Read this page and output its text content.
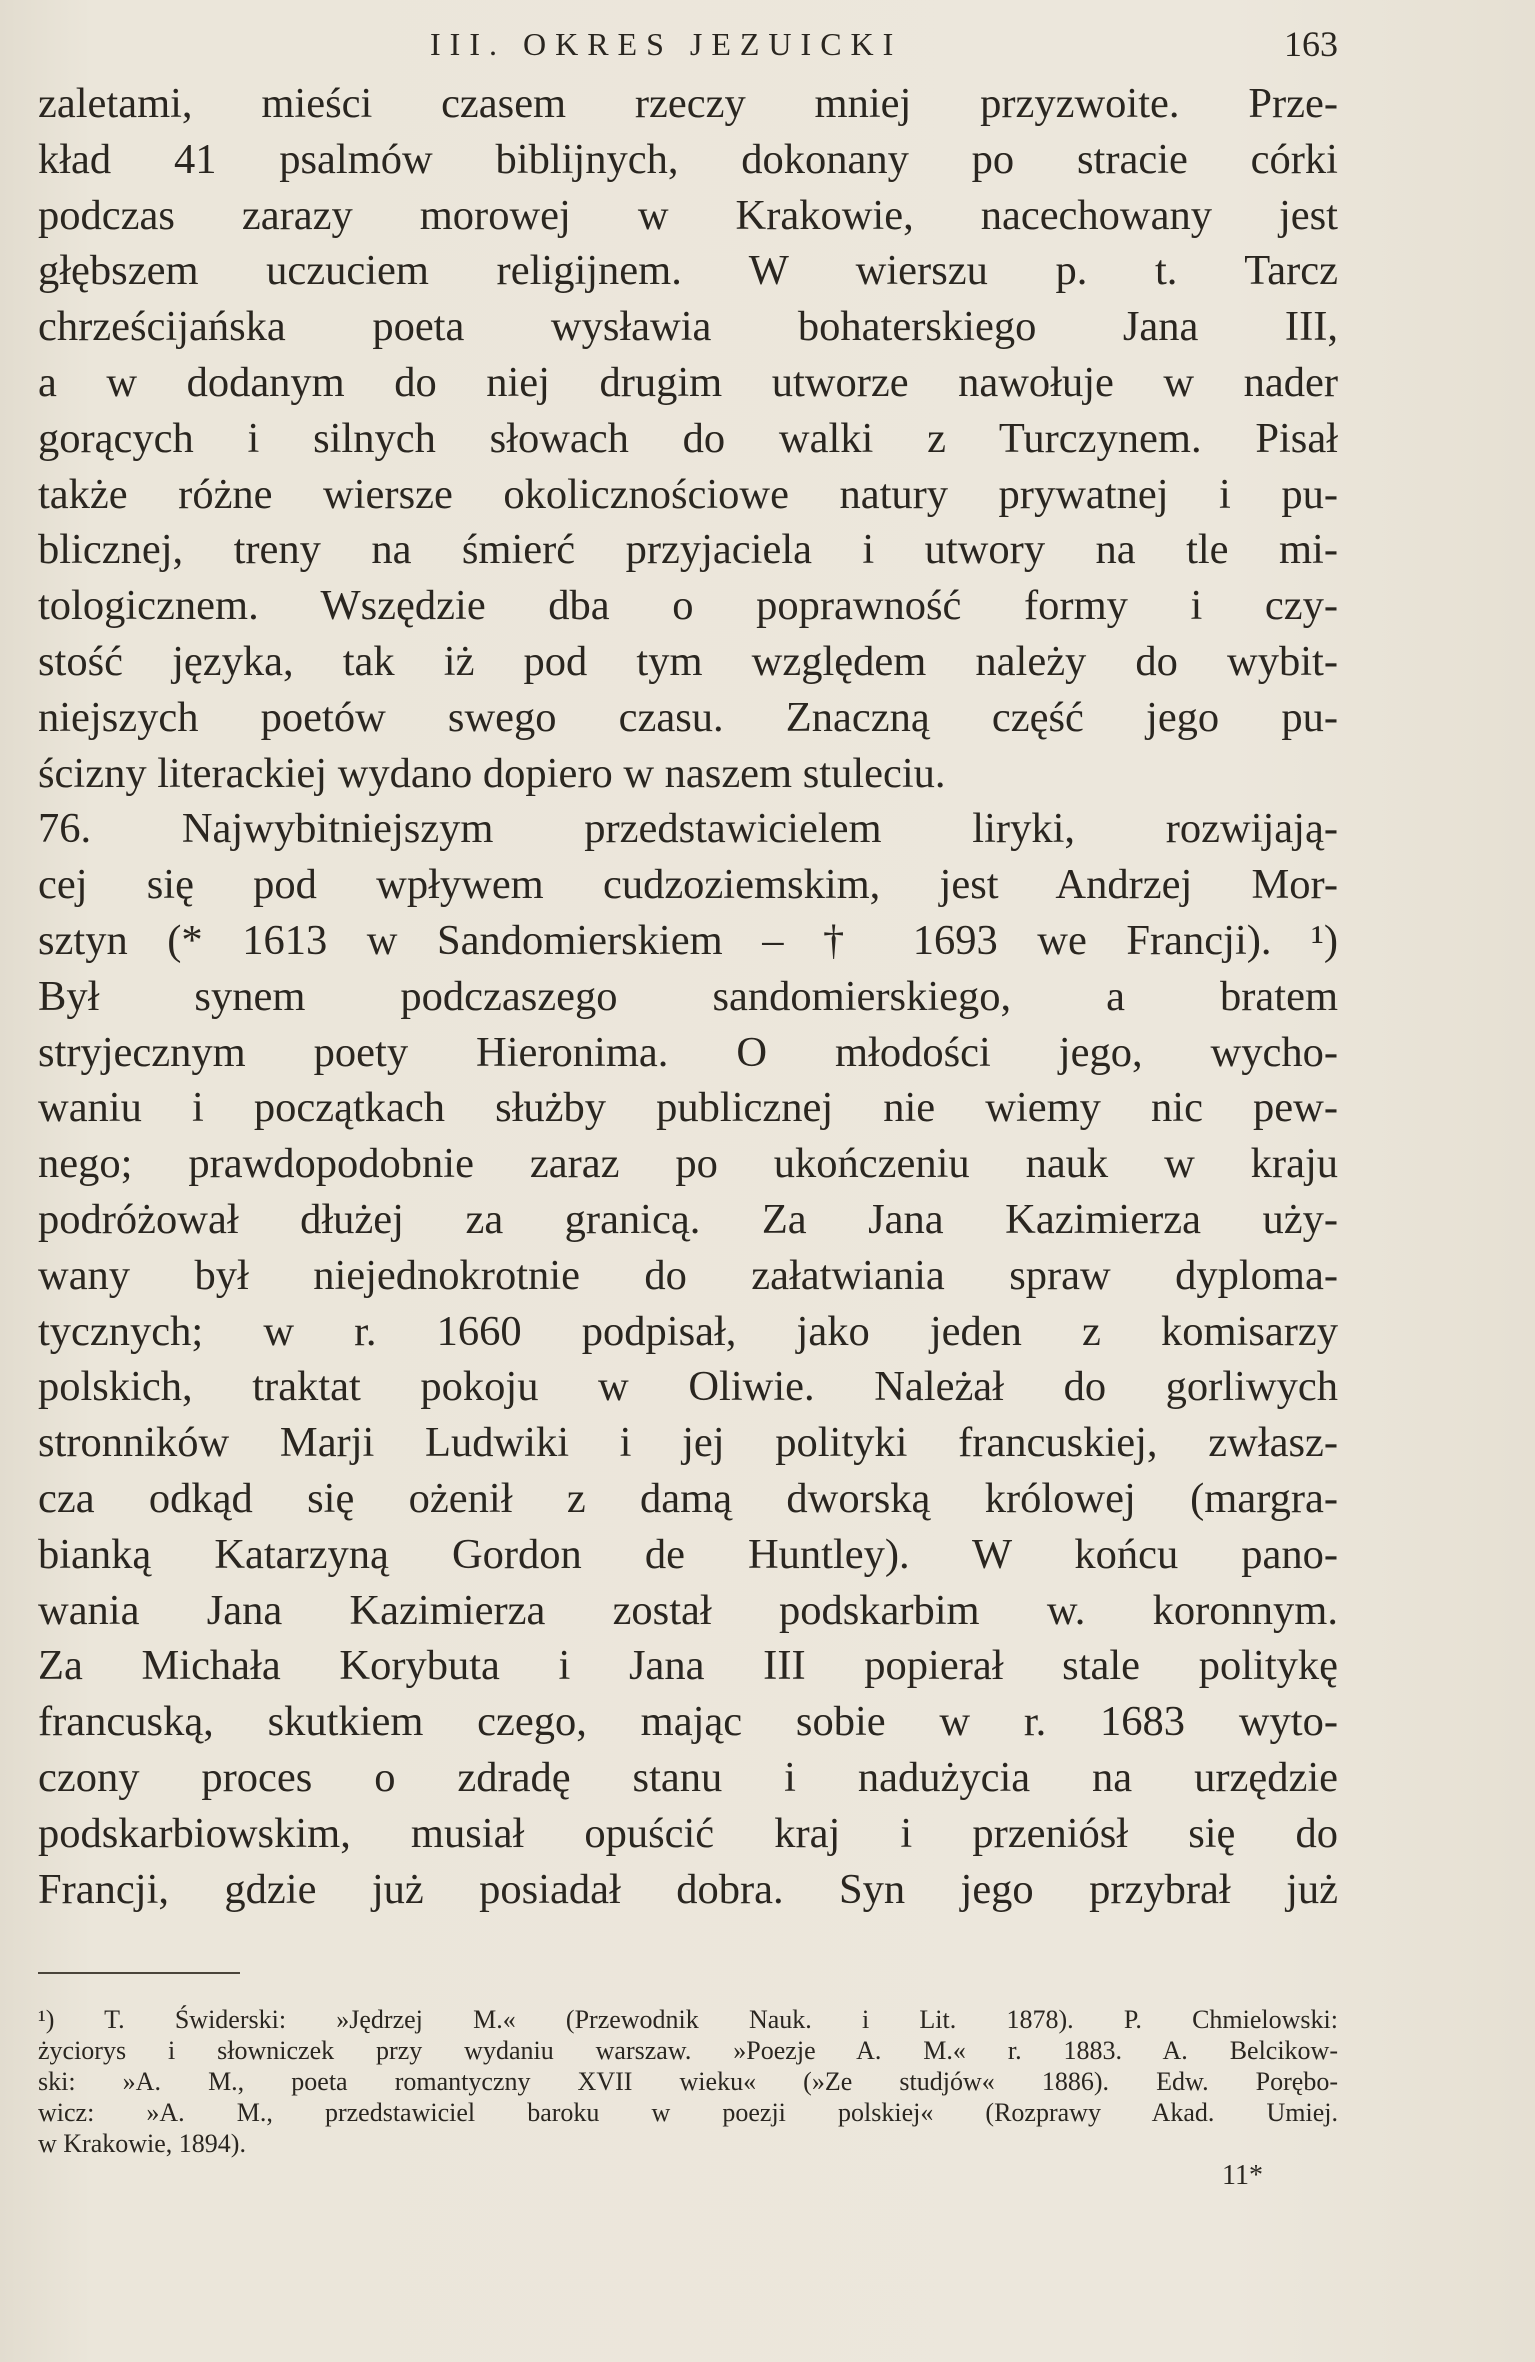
III. OKRES JEZUICKI	163
zaletami, mieści czasem rzeczy mniej przyzwoite. Prze-
kład 41 psalmów biblijnych, dokonany po stracie córki
podczas zarazy morowej w Krakowie, nacechowany jest
głębszem uczuciem religijnem. W wierszu p. t. Tarcz
chrześcijańska poeta wysławia bohaterskiego Jana III,
a w dodanym do niej drugim utworze nawołuje w nader
gorących i silnych słowach do walki z Turczynem. Pisał
także różne wiersze okolicznościowe natury prywatnej i pu-
blicznej, treny na śmierć przyjaciela i utwory na tle mi-
tologicznem. Wszędzie dba o poprawność formy i czy-
stość języka, tak iż pod tym względem należy do wybit-
niejszych poetów swego czasu. Znaczną część jego pu-
ścizny literackiej wydano dopiero w naszem stuleciu.
76. Najwybitniejszym przedstawicielem liryki, rozwijają-
cej się pod wpływem cudzoziemskim, jest Andrzej Mor-
sztyn (* 1613 w Sandomierskiem – † 1693 we Francji). ¹)
Był synem podczaszego sandomierskiego, a bratem
stryjecznym poety Hieronima. O młodości jego, wycho-
waniu i początkach służby publicznej nie wiemy nic pew-
nego; prawdopodobnie zaraz po ukończeniu nauk w kraju
podróżował dłużej za granicą. Za Jana Kazimierza uży-
wany był niejednokrotnie do załatwiania spraw dyploma-
tycznych; w r. 1660 podpisał, jako jeden z komisarzy
polskich, traktat pokoju w Oliwie. Należał do gorliwych
stronników Marji Ludwiki i jej polityki francuskiej, zwłasz-
cza odkąd się ożenił z damą dworską królowej (margra-
bianką Katarzyną Gordon de Huntley). W końcu pano-
wania Jana Kazimierza został podskarbim w. koronnym.
Za Michała Korybuta i Jana III popierał stale politykę
francuską, skutkiem czego, mając sobie w r. 1683 wyto-
czony proces o zdradę stanu i nadużycia na urzędzie
podskarbiowskim, musiał opuścić kraj i przeniósł się do
Francji, gdzie już posiadał dobra. Syn jego przybrał już
¹) T. Świderski: »Jędrzej M.« (Przewodnik Nauk. i Lit. 1878). P. Chmielowski:
życiorys i słowniczek przy wydaniu warszaw. »Poezje A. M.« r. 1883. A. Belcikow-
ski: »A. M., poeta romantyczny XVII wieku« (»Ze studjów« 1886). Edw. Porębo-
wicz: »A. M., przedstawiciel baroku w poezji polskiej« (Rozprawy Akad. Umiej.
w Krakowie, 1894).
11*
